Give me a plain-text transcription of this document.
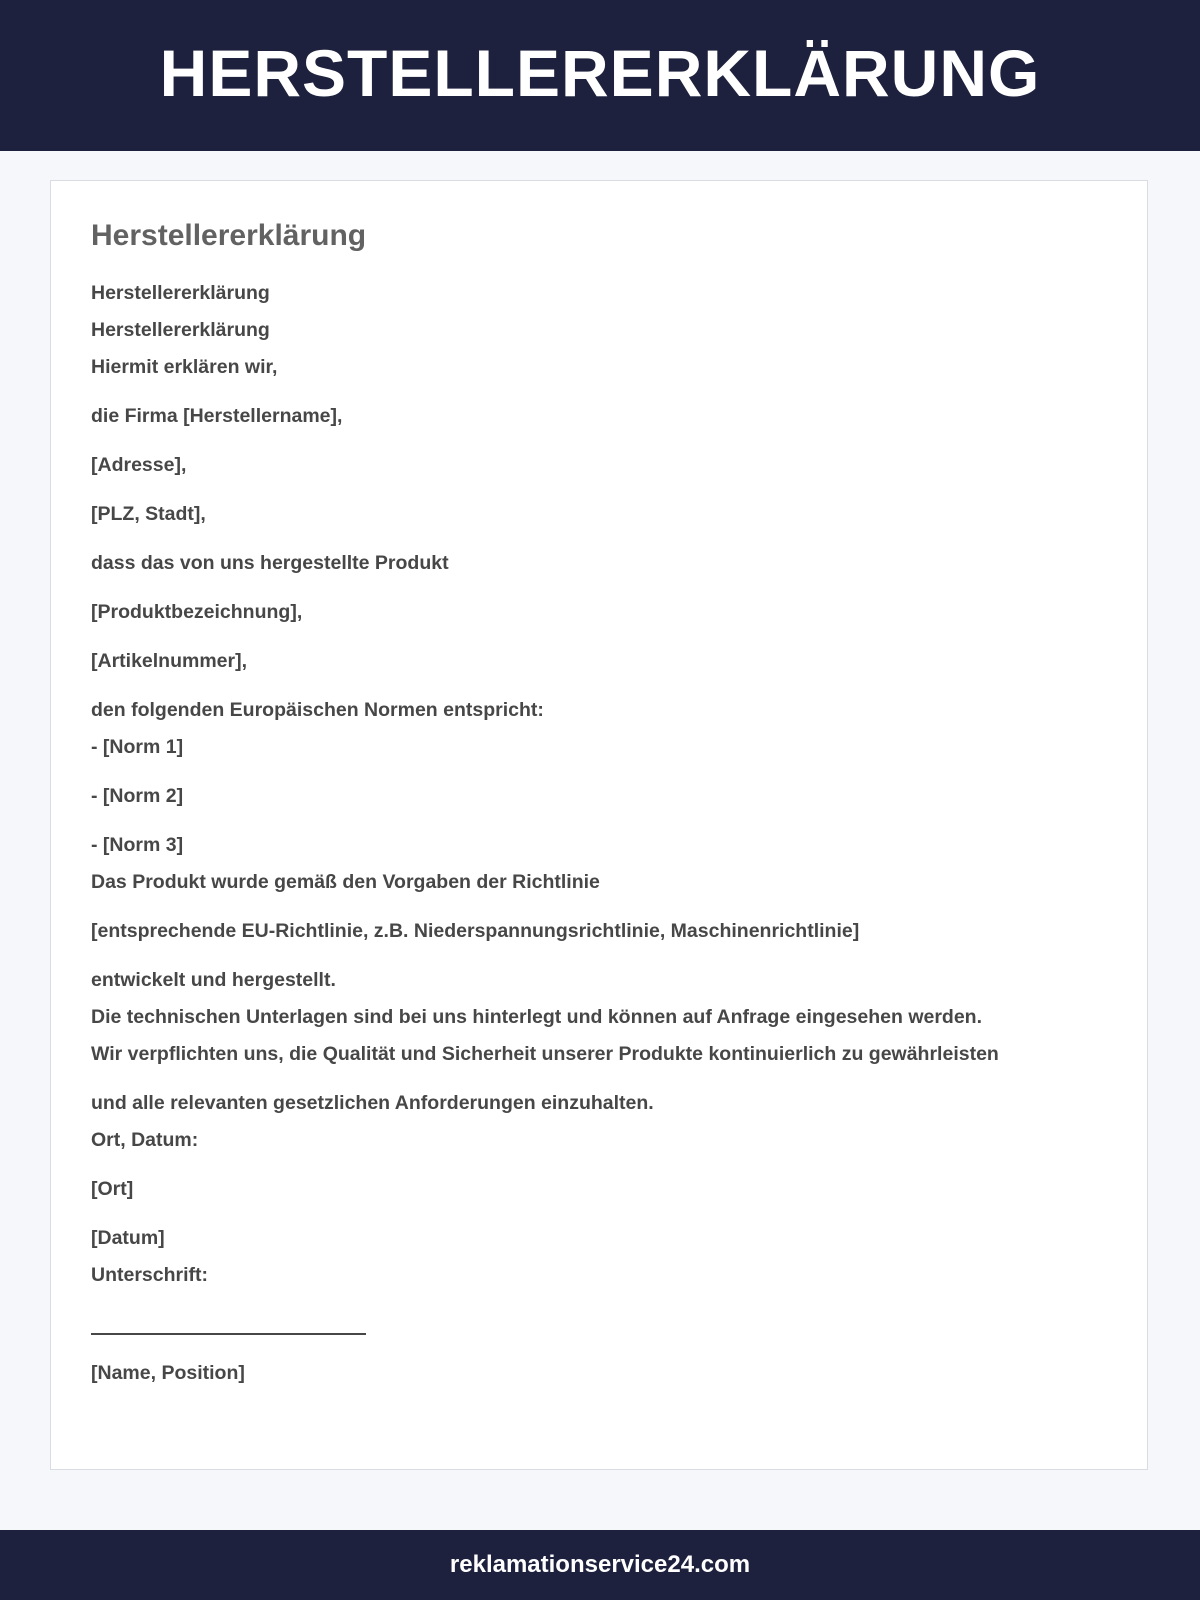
HERSTELLERERKLÄRUNG
Herstellererklärung
Herstellererklärung
Herstellererklärung
Hiermit erklären wir,
die Firma [Herstellername],
[Adresse],
[PLZ, Stadt],
dass das von uns hergestellte Produkt
[Produktbezeichnung],
[Artikelnummer],
den folgenden Europäischen Normen entspricht:
- [Norm 1]
- [Norm 2]
- [Norm 3]
Das Produkt wurde gemäß den Vorgaben der Richtlinie
[entsprechende EU-Richtlinie, z.B. Niederspannungsrichtlinie, Maschinenrichtlinie]
entwickelt und hergestellt.
Die technischen Unterlagen sind bei uns hinterlegt und können auf Anfrage eingesehen werden.
Wir verpflichten uns, die Qualität und Sicherheit unserer Produkte kontinuierlich zu gewährleisten
und alle relevanten gesetzlichen Anforderungen einzuhalten.
Ort, Datum:
[Ort]
[Datum]
Unterschrift:
[Name, Position]
reklamationservice24.com
